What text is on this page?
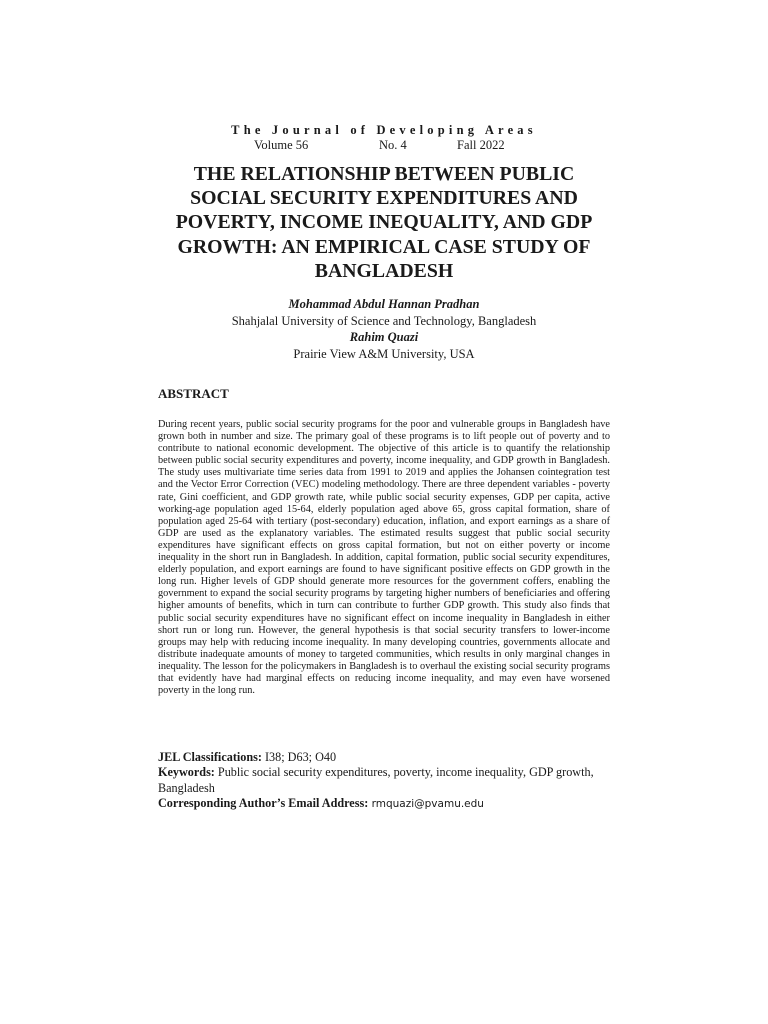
The Journal of Developing Areas
Volume 56	No. 4	Fall 2022
THE RELATIONSHIP BETWEEN PUBLIC
SOCIAL SECURITY EXPENDITURES AND
POVERTY, INCOME INEQUALITY, AND GDP
GROWTH: AN EMPIRICAL CASE STUDY OF
BANGLADESH
Mohammad Abdul Hannan Pradhan
Shahjalal University of Science and Technology, Bangladesh
Rahim Quazi
Prairie View A&M University, USA
ABSTRACT
During recent years, public social security programs for the poor and vulnerable groups in Bangladesh have grown both in number and size. The primary goal of these programs is to lift people out of poverty and to contribute to national economic development. The objective of this article is to quantify the relationship between public social security expenditures and poverty, income inequality, and GDP growth in Bangladesh. The study uses multivariate time series data from 1991 to 2019 and applies the Johansen cointegration test and the Vector Error Correction (VEC) modeling methodology. There are three dependent variables - poverty rate, Gini coefficient, and GDP growth rate, while public social security expenses, GDP per capita, active working-age population aged 15-64, elderly population aged above 65, gross capital formation, share of population aged 25-64 with tertiary (post-secondary) education, inflation, and export earnings as a share of GDP are used as the explanatory variables. The estimated results suggest that public social security expenditures have significant effects on gross capital formation, but not on either poverty or income inequality in the short run in Bangladesh. In addition, capital formation, public social security expenditures, elderly population, and export earnings are found to have significant positive effects on GDP growth in the long run. Higher levels of GDP should generate more resources for the government coffers, enabling the government to expand the social security programs by targeting higher numbers of beneficiaries and offering higher amounts of benefits, which in turn can contribute to further GDP growth. This study also finds that public social security expenditures have no significant effect on income inequality in Bangladesh in either short run or long run. However, the general hypothesis is that social security transfers to lower-income groups may help with reducing income inequality. In many developing countries, governments allocate and distribute inadequate amounts of money to targeted communities, which results in only marginal changes in inequality. The lesson for the policymakers in Bangladesh is to overhaul the existing social security programs that evidently have had marginal effects on reducing income inequality, and may even have worsened poverty in the long run.
JEL Classifications: I38; D63; O40
Keywords: Public social security expenditures, poverty, income inequality, GDP growth, Bangladesh
Corresponding Author’s Email Address: rmquazi@pvamu.edu
